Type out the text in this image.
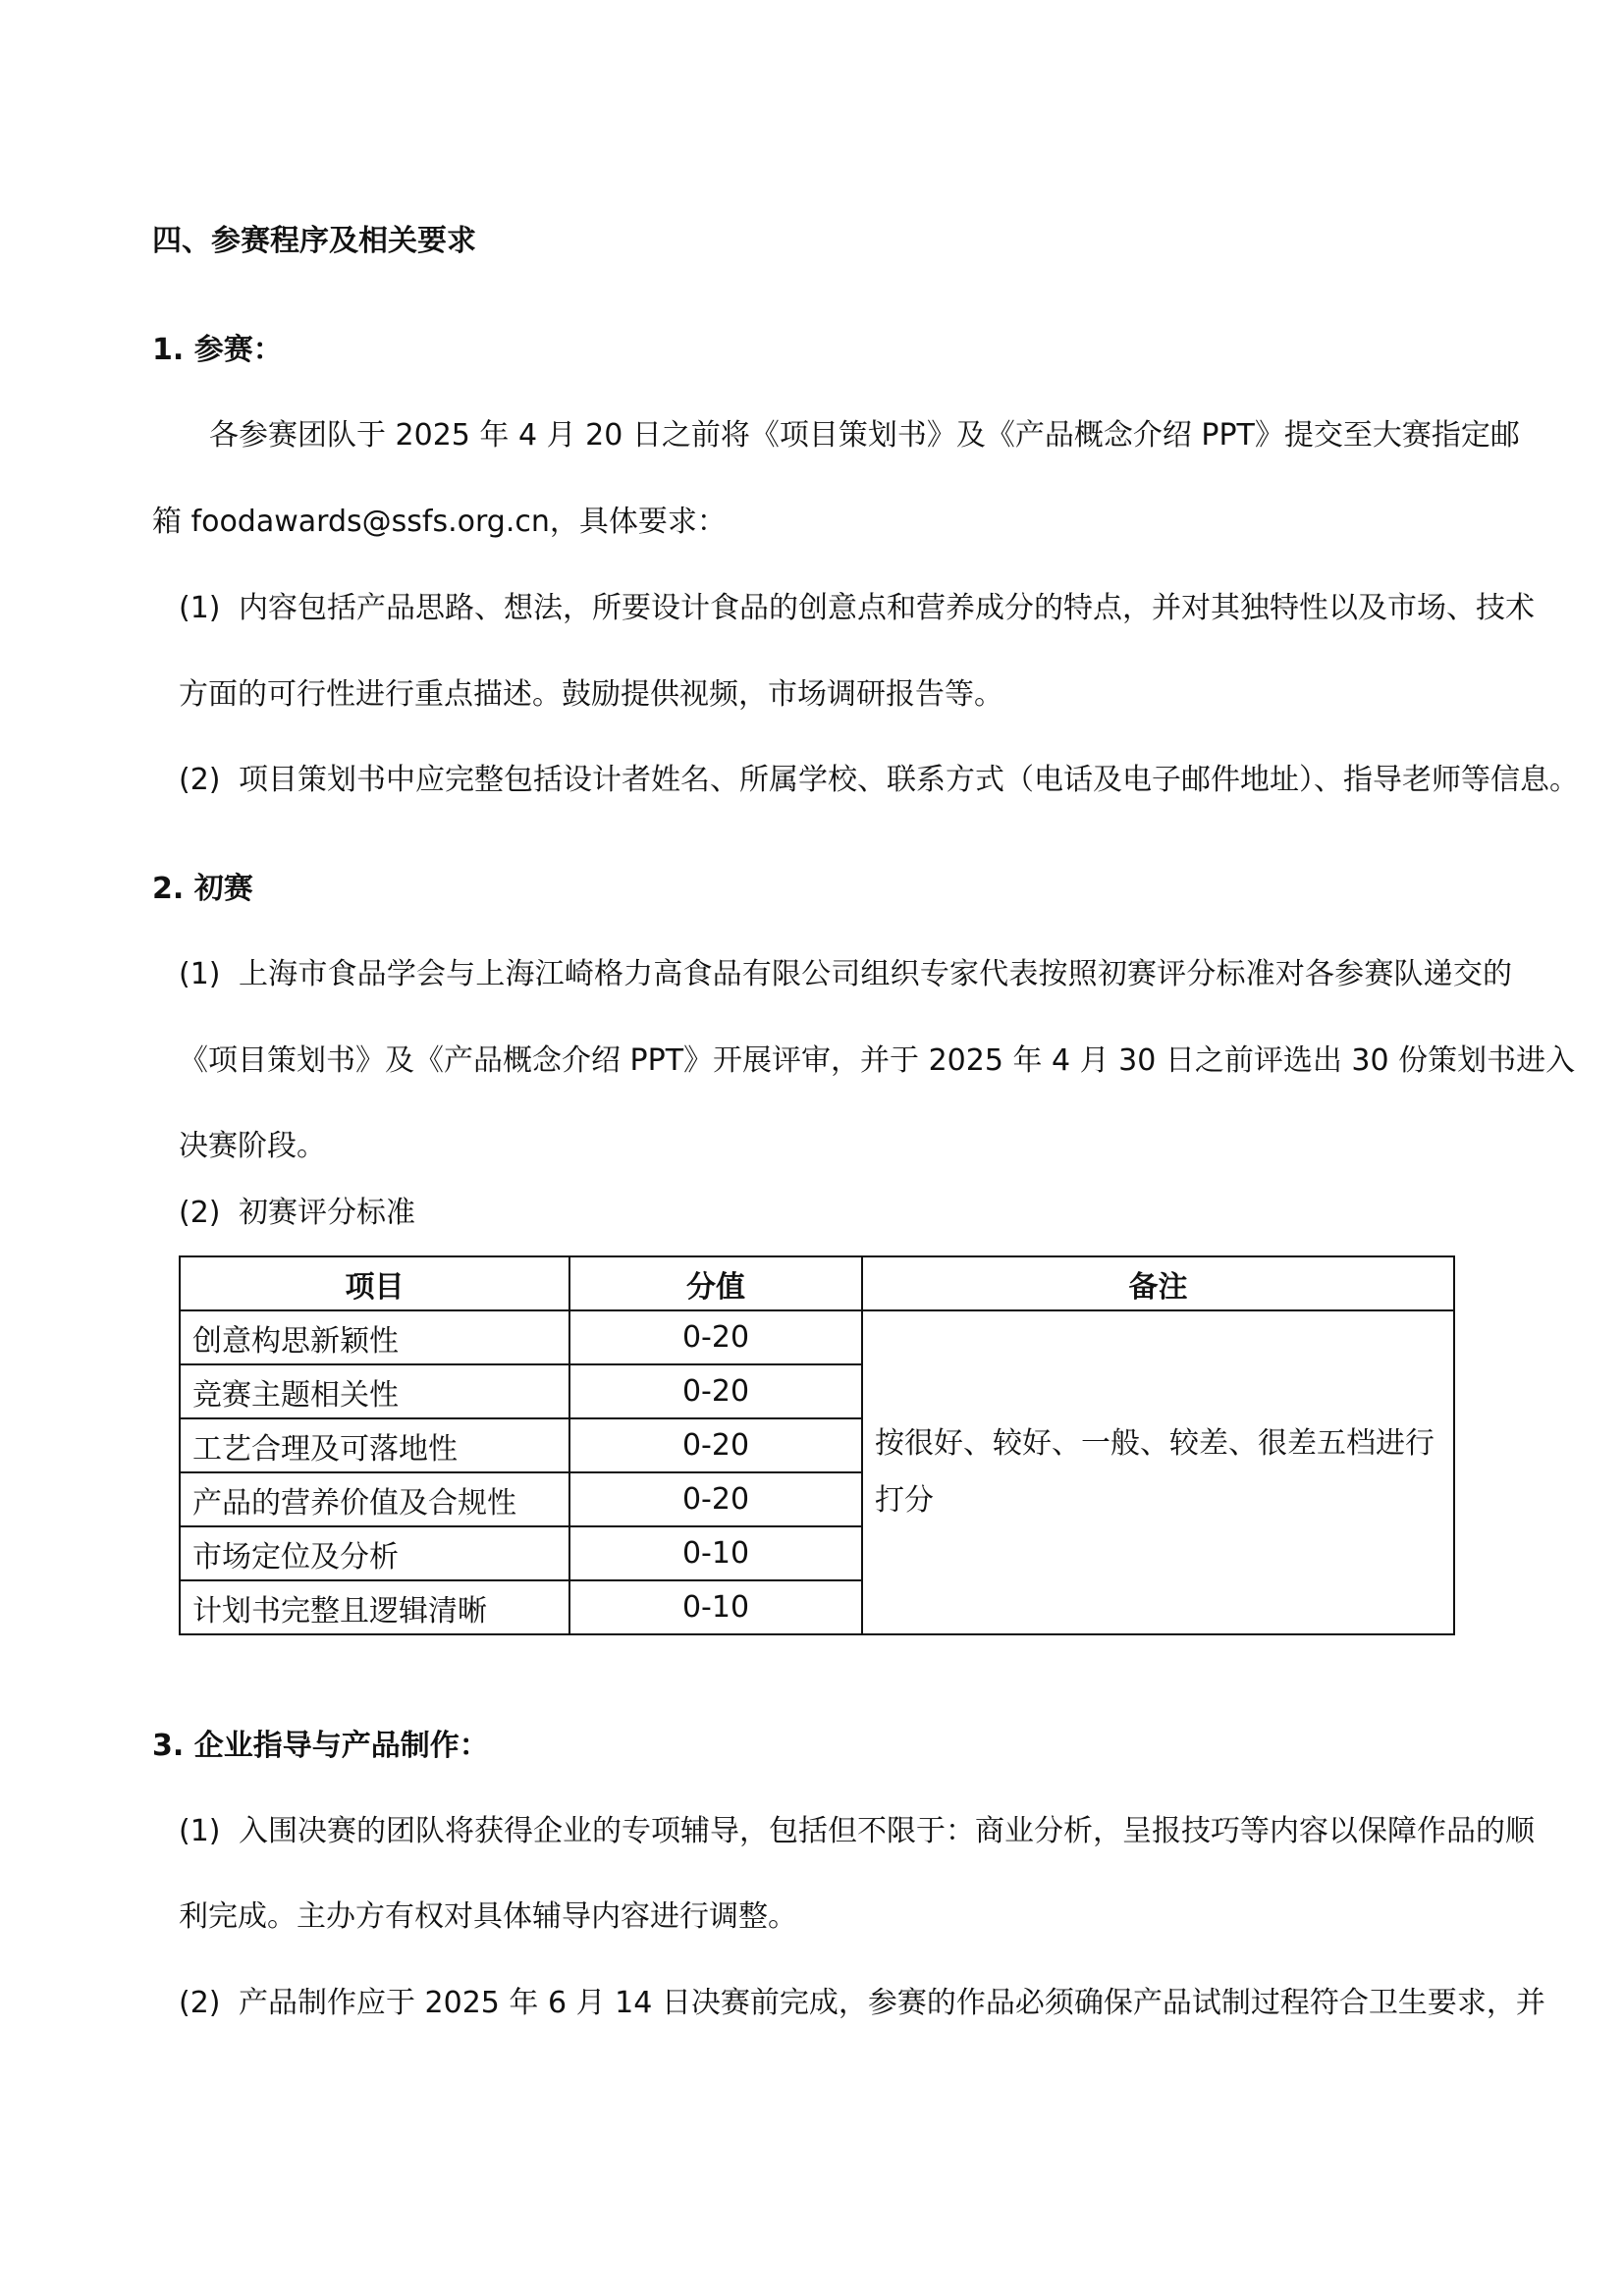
四、参赛程序及相关要求
1. 参赛：
各参赛团队于 2025 年 4 月 20 日之前将《项目策划书》及《产品概念介绍 PPT》提交至大赛指定邮
箱 foodawards@ssfs.org.cn，具体要求：
(1) 内容包括产品思路、想法，所要设计食品的创意点和营养成分的特点，并对其独特性以及市场、技术
方面的可行性进行重点描述。鼓励提供视频，市场调研报告等。
(2) 项目策划书中应完整包括设计者姓名、所属学校、联系方式（电话及电子邮件地址）、指导老师等信息。
2. 初赛
(1) 上海市食品学会与上海江崎格力高食品有限公司组织专家代表按照初赛评分标准对各参赛队递交的
《项目策划书》及《产品概念介绍 PPT》开展评审，并于 2025 年 4 月 30 日之前评选出 30 份策划书进入
决赛阶段。
(2) 初赛评分标准
项目	分值	备注
创意构思新颖性	0-20	按很好、较好、一般、较差、很差五档进行
打分
竞赛主题相关性	0-20	
工艺合理及可落地性	0-20	
产品的营养价值及合规性	0-20	
市场定位及分析	0-10	
计划书完整且逻辑清晰	0-10	
3. 企业指导与产品制作：
(1) 入围决赛的团队将获得企业的专项辅导，包括但不限于：商业分析，呈报技巧等内容以保障作品的顺
利完成。主办方有权对具体辅导内容进行调整。
(2) 产品制作应于 2025 年 6 月 14 日决赛前完成，参赛的作品必须确保产品试制过程符合卫生要求，并
